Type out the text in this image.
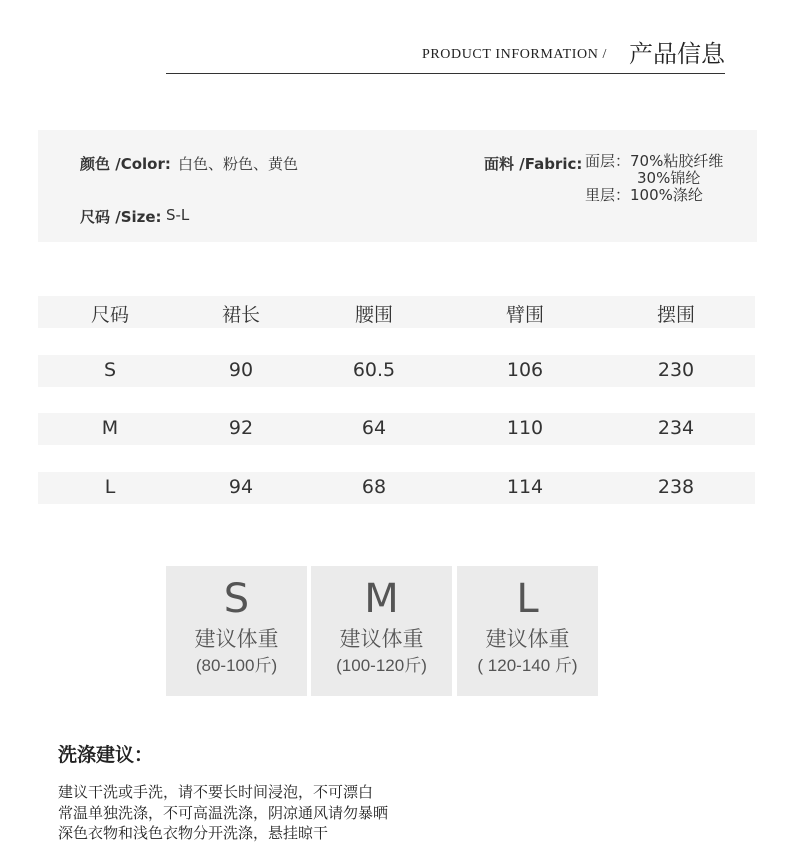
PRODUCT INFORMATION / 产品信息
颜色 /Color: 白色、粉色、黄色
尺码 /Size: S-L
面料 /Fabric: 面层：70%粘胶纤维
30%锦纶
里层：100%涤纶
尺码	裙长	腰围	臂围	摆围
S	90	60.5	106	230
M	92	64	110	234
L	94	68	114	238
S
建议体重
(80-100斤)
M
建议体重
(100-120斤)
L
建议体重
( 120-140 斤)
洗涤建议：
建议干洗或手洗，请不要长时间浸泡，不可漂白
常温单独洗涤，不可高温洗涤，阴凉通风请勿暴晒
深色衣物和浅色衣物分开洗涤，悬挂晾干
